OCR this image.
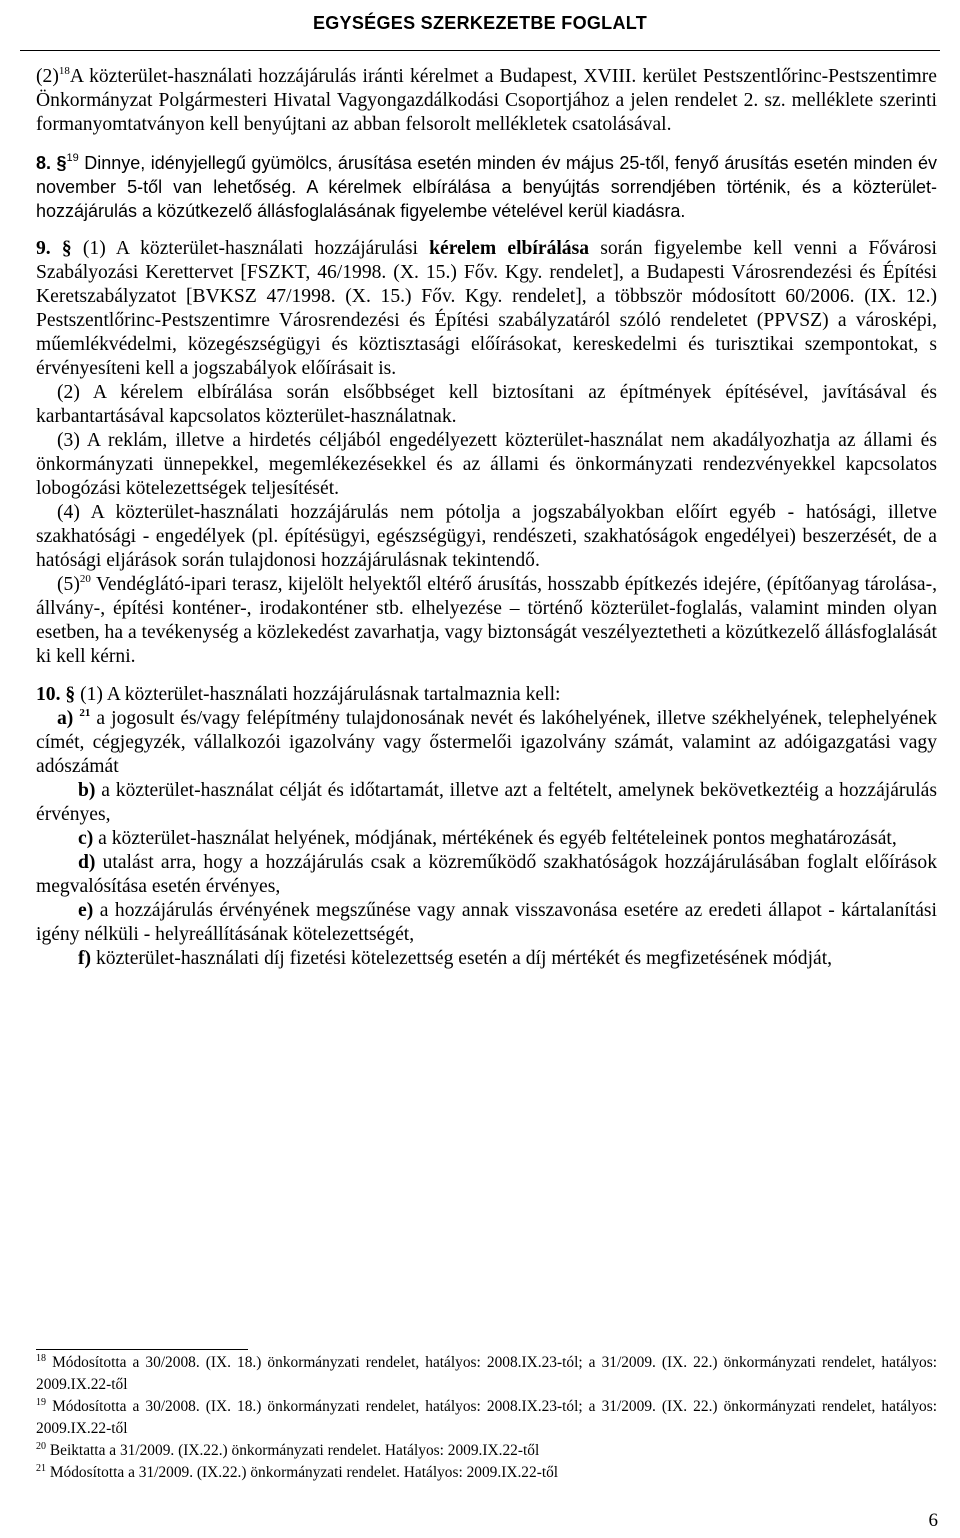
EGYSÉGES SZERKEZETBE FOGLALT

$(2)^{18}A$ közterület-használati hozzájárulás iránti kérelmet a Budapest, XVIII. kerület Pestszentlőrinc-Pestszentimre Önkormányzat Polgármesteri Hivatal Vagyongazdálkodási Csoportjához a jelen rendelet 2. sz. melléklete szerinti formanyomtatványon kell benyújtani az abban felsorolt mellékletek csatolásával.

8. §$^{19}$ Dinnye, idényjellegű gyümölcs, árusítása esetén minden év május 25-től, fenyő árusítás esetén minden év november 5-től van lehetőség. A kérelmek elbírálása a benyújtás sorrendjében történik, és a közterület-hozzájárulás a közútkezelő állásfoglalásának figyelembe vételével kerül kiadásra.

9. § (1) A közterület-használati hozzájárulási kérelem elbírálása során figyelembe kell venni a Fővárosi Szabályozási Kerettervet [FSZKT, 46/1998. (X. 15.) Főv. Kgy. rendelet], a Budapesti Városrendezési és Építési Keretszabályzatot [BVKSZ 47/1998. (X. 15.) Főv. Kgy. rendelet], a többször módosított 60/2006. (IX. 12.) Pestszentlőrinc-Pestszentimre Városrendezési és Építési szabályzatáról szóló rendeletet (PPVSZ) a városképi, műemlékvédelmi, közegészségügyi és köztisztasági előírásokat, kereskedelmi és turisztikai szempontokat, s érvényesíteni kell a jogszabályok előírásait is.

(2) A kérelem elbírálása során elsőbbséget kell biztosítani az építmények építésével, javításával és karbantartásával kapcsolatos közterület-használatnak.

(3) A reklám, illetve a hirdetés céljából engedélyezett közterület-használat nem akadályozhatja az állami és önkormányzati ünnepekkel, megemlékezésekkel és az állami és önkormányzati rendezvényekkel kapcsolatos lobogózási kötelezettségek teljesítését.

(4) A közterület-használati hozzájárulás nem pótolja a jogszabályokban előírt egyéb - hatósági, illetve szakhatósági - engedélyek (pl. építésügyi, egészségügyi, rendészeti, szakhatóságok engedélyei) beszerzését, de a hatósági eljárások során tulajdonosi hozzájárulásnak tekintendő.

$(5)^{20}$ Vendéglátó-ipari terasz, kijelölt helyektől eltérő árusítás, hosszabb építkezés idejére, (építőanyag tárolása-, állvány-, építési konténer-, irodakonténer stb. elhelyezése – történő közterület-foglalás, valamint minden olyan esetben, ha a tevékenység a közlekedést zavarhatja, vagy biztonságát veszélyeztetheti a közútkezelő állásfoglalását ki kell kérni.

10. § (1) A közterület-használati hozzájárulásnak tartalmaznia kell:

a) $^{21}$ a jogosult és/vagy felépítmény tulajdonosának nevét és lakóhelyének, illetve székhelyének, telephelyének címét, cégjegyzék, vállalkozói igazolvány vagy őstermelői igazolvány számát, valamint az adóigazgatási vagy adószámát

b) a közterület-használat célját és időtartamát, illetve azt a feltételt, amelynek bekövetkeztéig a hozzájárulás érvényes,

c) a közterület-használat helyének, módjának, mértékének és egyéb feltételeinek pontos meghatározását,

d) utalást arra, hogy a hozzájárulás csak a közreműködő szakhatóságok hozzájárulásában foglalt előírások megvalósítása esetén érvényes,

e) a hozzájárulás érvényének megszűnése vagy annak visszavonása esetére az eredeti állapot - kártalanítási igény nélküli - helyreállításának kötelezettségét,

f) közterület-használati díj fizetési kötelezettség esetén a díj mértékét és megfizetésének módját,

$^{18}$ Módosította a 30/2008. (IX. 18.) önkormányzati rendelet, hatályos: 2008.IX.23-tól; a 31/2009. (IX. 22.) önkormányzati rendelet, hatályos: 2009.IX.22-től

$^{19}$ Módosította a 30/2008. (IX. 18.) önkormányzati rendelet, hatályos: 2008.IX.23-tól; a 31/2009. (IX. 22.) önkormányzati rendelet, hatályos: 2009.IX.22-től

$^{20}$ Beiktatta a 31/2009. (IX.22.) önkormányzati rendelet. Hatályos: 2009.IX.22-től

$^{21}$ Módosította a 31/2009. (IX.22.) önkormányzati rendelet. Hatályos: 2009.IX.22-től

6
